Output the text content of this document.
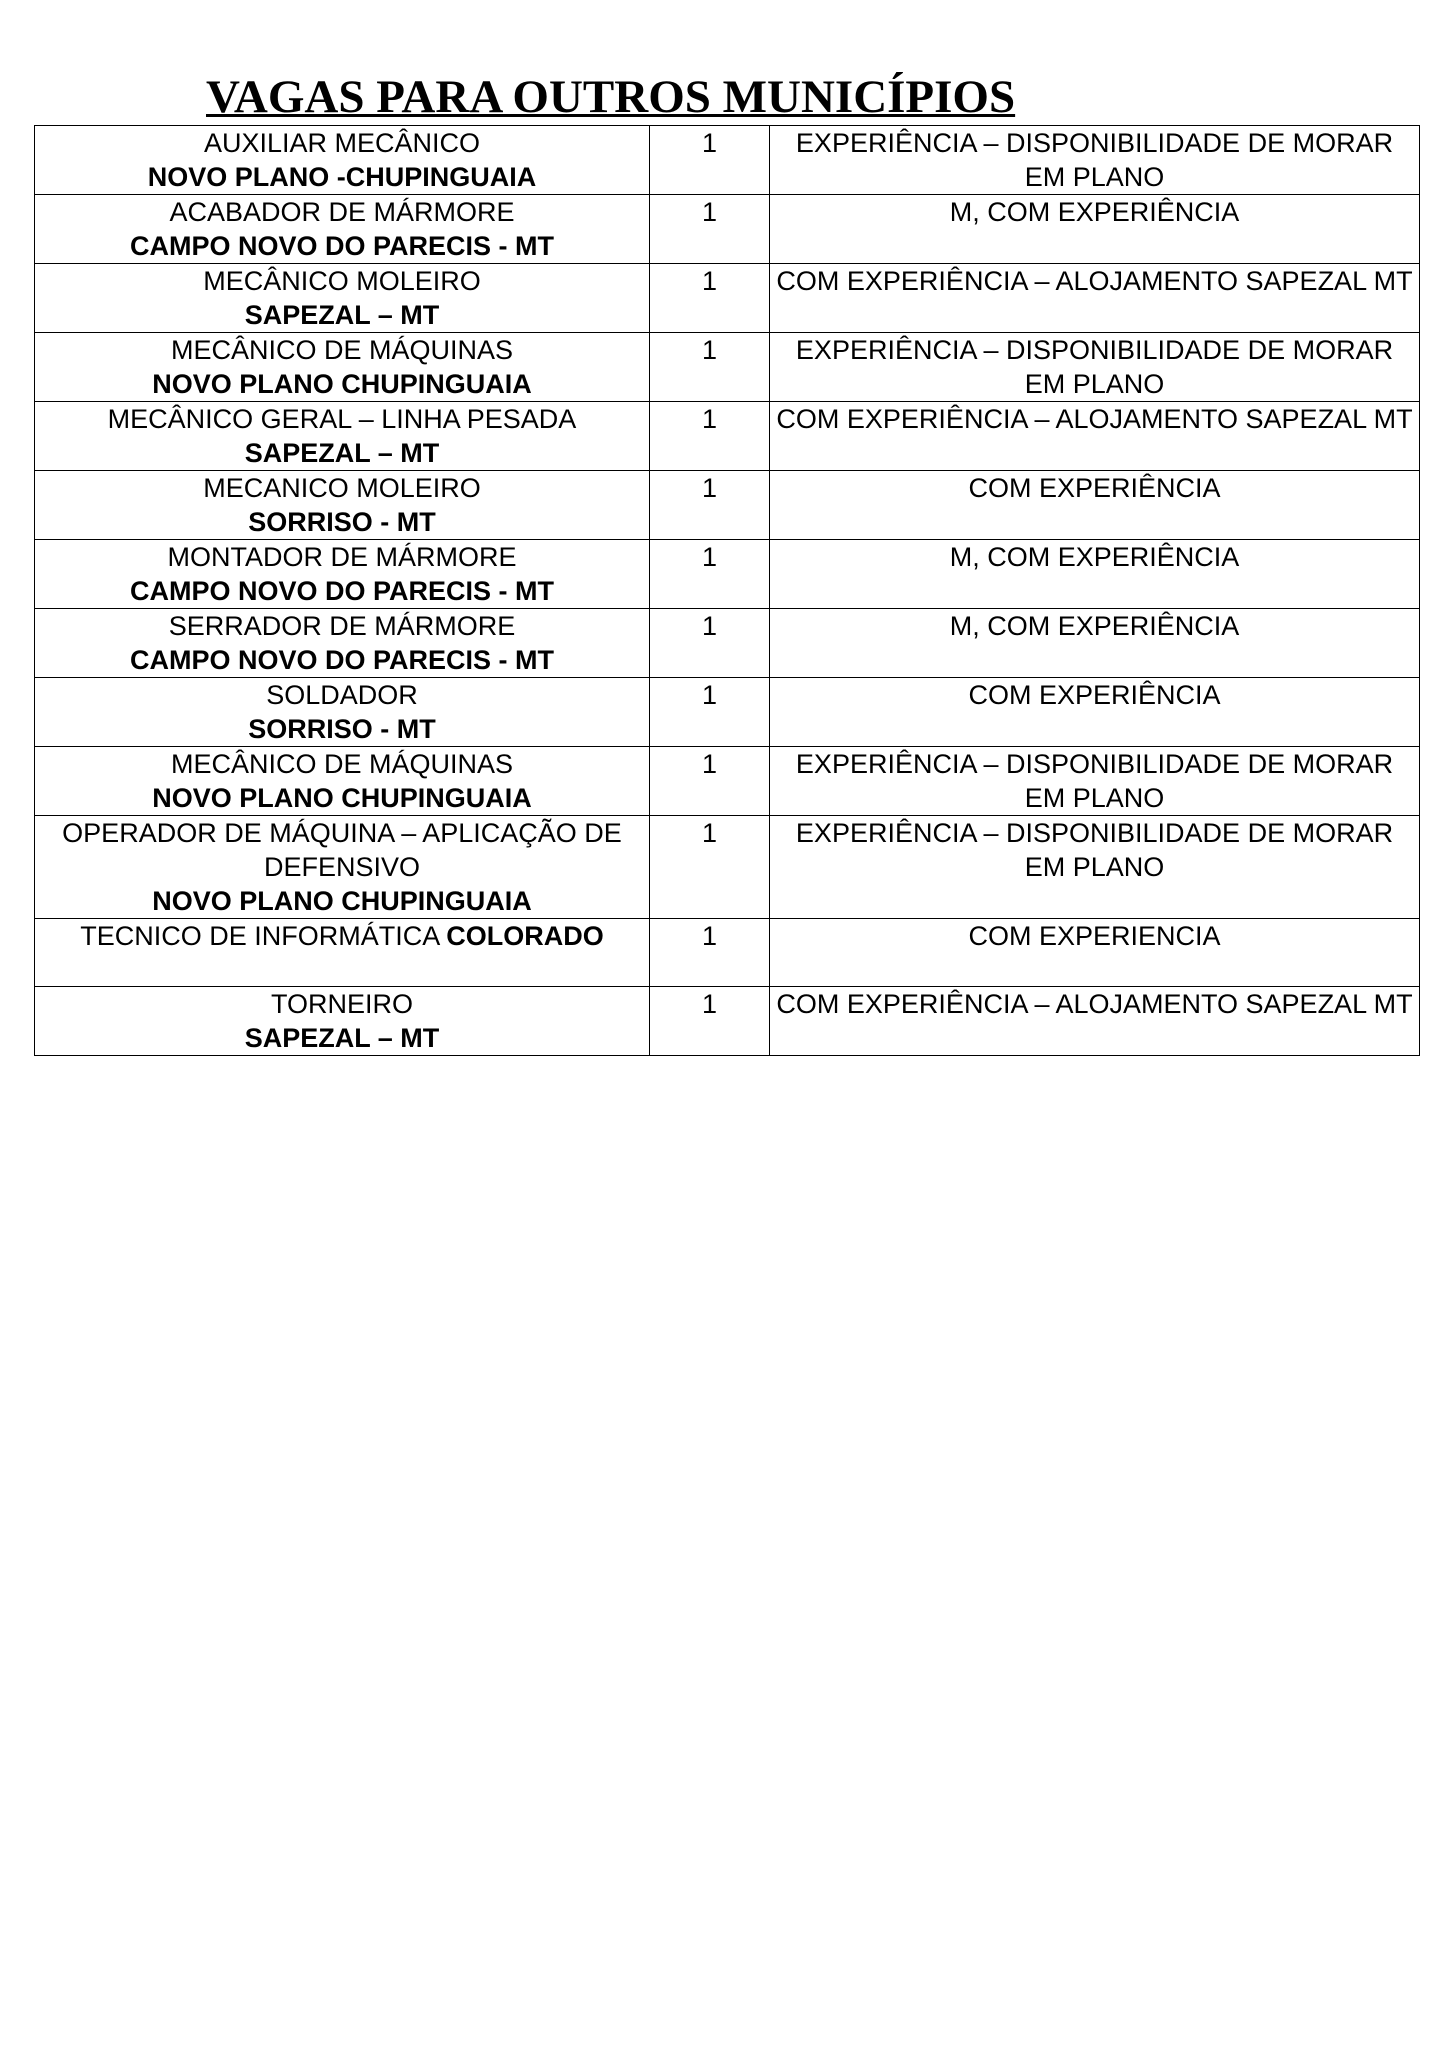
VAGAS PARA OUTROS MUNICÍPIOS
AUXILIAR MECÂNICO
NOVO PLANO -CHUPINGUAIA	1	EXPERIÊNCIA – DISPONIBILIDADE DE MORAR EM PLANO

ACABADOR DE MÁRMORE
CAMPO NOVO DO PARECIS - MT	1	M, COM EXPERIÊNCIA

MECÂNICO MOLEIRO
SAPEZAL – MT	1	COM EXPERIÊNCIA – ALOJAMENTO SAPEZAL MT

MECÂNICO DE MÁQUINAS
NOVO PLANO CHUPINGUAIA	1	EXPERIÊNCIA – DISPONIBILIDADE DE MORAR EM PLANO

MECÂNICO GERAL – LINHA PESADA
SAPEZAL – MT	1	COM EXPERIÊNCIA – ALOJAMENTO SAPEZAL MT

MECANICO MOLEIRO
SORRISO - MT	1	COM EXPERIÊNCIA

MONTADOR DE MÁRMORE
CAMPO NOVO DO PARECIS - MT	1	M, COM EXPERIÊNCIA

SERRADOR DE MÁRMORE
CAMPO NOVO DO PARECIS - MT	1	M, COM EXPERIÊNCIA

SOLDADOR
SORRISO - MT	1	COM EXPERIÊNCIA

MECÂNICO DE MÁQUINAS
NOVO PLANO CHUPINGUAIA	1	EXPERIÊNCIA – DISPONIBILIDADE DE MORAR EM PLANO

OPERADOR DE MÁQUINA – APLICAÇÃO DE DEFENSIVO
NOVO PLANO CHUPINGUAIA	1	EXPERIÊNCIA – DISPONIBILIDADE DE MORAR EM PLANO
TECNICO DE INFORMÁTICA COLORADO	1	COM EXPERIENCIA

TORNEIRO
SAPEZAL – MT	1	COM EXPERIÊNCIA – ALOJAMENTO SAPEZAL MT
